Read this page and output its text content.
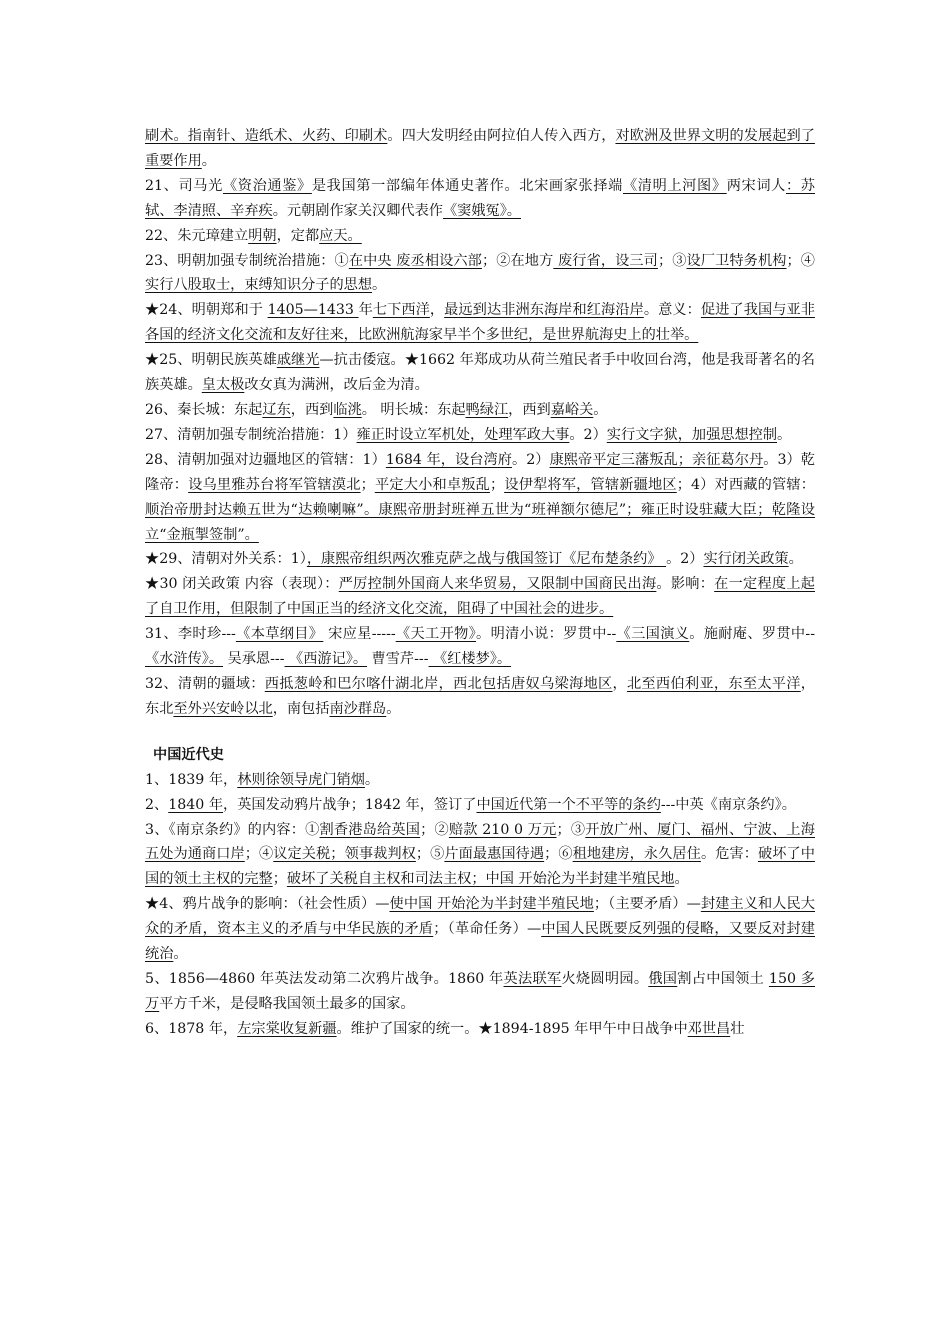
刷术。指南针、造纸术、火药、印刷术。四大发明经由阿拉伯人传入西方，对欧洲及世界文明的发展起到了重要作用。

21、司马光《资治通鉴》是我国第一部编年体通史著作。北宋画家张择端《清明上河图》两宋词人：苏轼、李清照、辛弃疾。元朝剧作家关汉卿代表作《窦娥冤》。

22、朱元璋建立明朝，定都应天。

23、明朝加强专制统治措施：①在中央 废丞相设六部；②在地方 废行省，设三司；③设厂卫特务机构；④实行八股取士，束缚知识分子的思想。

★24、明朝郑和于 1405—1433 年七下西洋，最远到达非洲东海岸和红海沿岸。意义：促进了我国与亚非各国的经济文化交流和友好往来，比欧洲航海家早半个多世纪，是世界航海史上的壮举。

★25、明朝民族英雄戚继光—抗击倭寇。★1662 年郑成功从荷兰殖民者手中收回台湾，他是我哥著名的名族英雄。皇太极改女真为满洲，改后金为清。

26、秦长城：东起辽东，西到临洮。 明长城：东起鸭绿江，西到嘉峪关。

27、清朝加强专制统治措施：1）雍正时设立军机处，处理军政大事。2）实行文字狱，加强思想控制。

28、清朝加强对边疆地区的管辖：1）1684 年，设台湾府。2）康熙帝平定三藩叛乱；亲征葛尔丹。3）乾隆帝：设乌里雅苏台将军管辖漠北；平定大小和卓叛乱；设伊犁将军，管辖新疆地区；4）对西藏的管辖：顺治帝册封达赖五世为“达赖喇嘛”。康熙帝册封班禅五世为“班禅额尔德尼”；雍正时设驻藏大臣；乾隆设立“金瓶掣签制”。

★29、清朝对外关系：1），康熙帝组织两次雅克萨之战与俄国签订《尼布楚条约》 。2）实行闭关政策。

★30 闭关政策 内容（表现）：严厉控制外国商人来华贸易，又限制中国商民出海。影响：在一定程度上起了自卫作用，但限制了中国正当的经济文化交流，阻碍了中国社会的进步。

31、李时珍---《本草纲目》 宋应星-----《天工开物》。明清小说：罗贯中--《三国演义。施耐庵、罗贯中-- 《水浒传》。 吴承恩--- 《西游记》。 曹雪芹--- 《红楼梦》。

32、清朝的疆域：西抵葱岭和巴尔喀什湖北岸，西北包括唐奴乌梁海地区，北至西伯利亚，东至太平洋，东北至外兴安岭以北，南包括南沙群岛。

中国近代史

1、1839 年，林则徐领导虎门销烟。

2、1840 年，英国发动鸦片战争；1842 年，签订了中国近代第一个不平等的条约---中英《南京条约》。

3、《南京条约》的内容：①割香港岛给英国；②赔款 210 0 万元；③开放广州、厦门、福州、宁波、上海五处为通商口岸；④议定关税；领事裁判权；⑤片面最惠国待遇；⑥租地建房，永久居住。危害：破坏了中国的领土主权的完整；破坏了关税自主权和司法主权；中国 开始沦为半封建半殖民地。

★4、鸦片战争的影响：（社会性质）—使中国 开始沦为半封建半殖民地；（主要矛盾）—封建主义和人民大众的矛盾，资本主义的矛盾与中华民族的矛盾；（革命任务）—中国人民既要反列强的侵略，又要反对封建统治。

5、1856—4860 年英法发动第二次鸦片战争。1860 年英法联军火烧圆明园。俄国割占中国领土 150 多万平方千米，是侵略我国领土最多的国家。

6、1878 年，左宗棠收复新疆。维护了国家的统一。★1894-1895 年甲午中日战争中邓世昌壮
